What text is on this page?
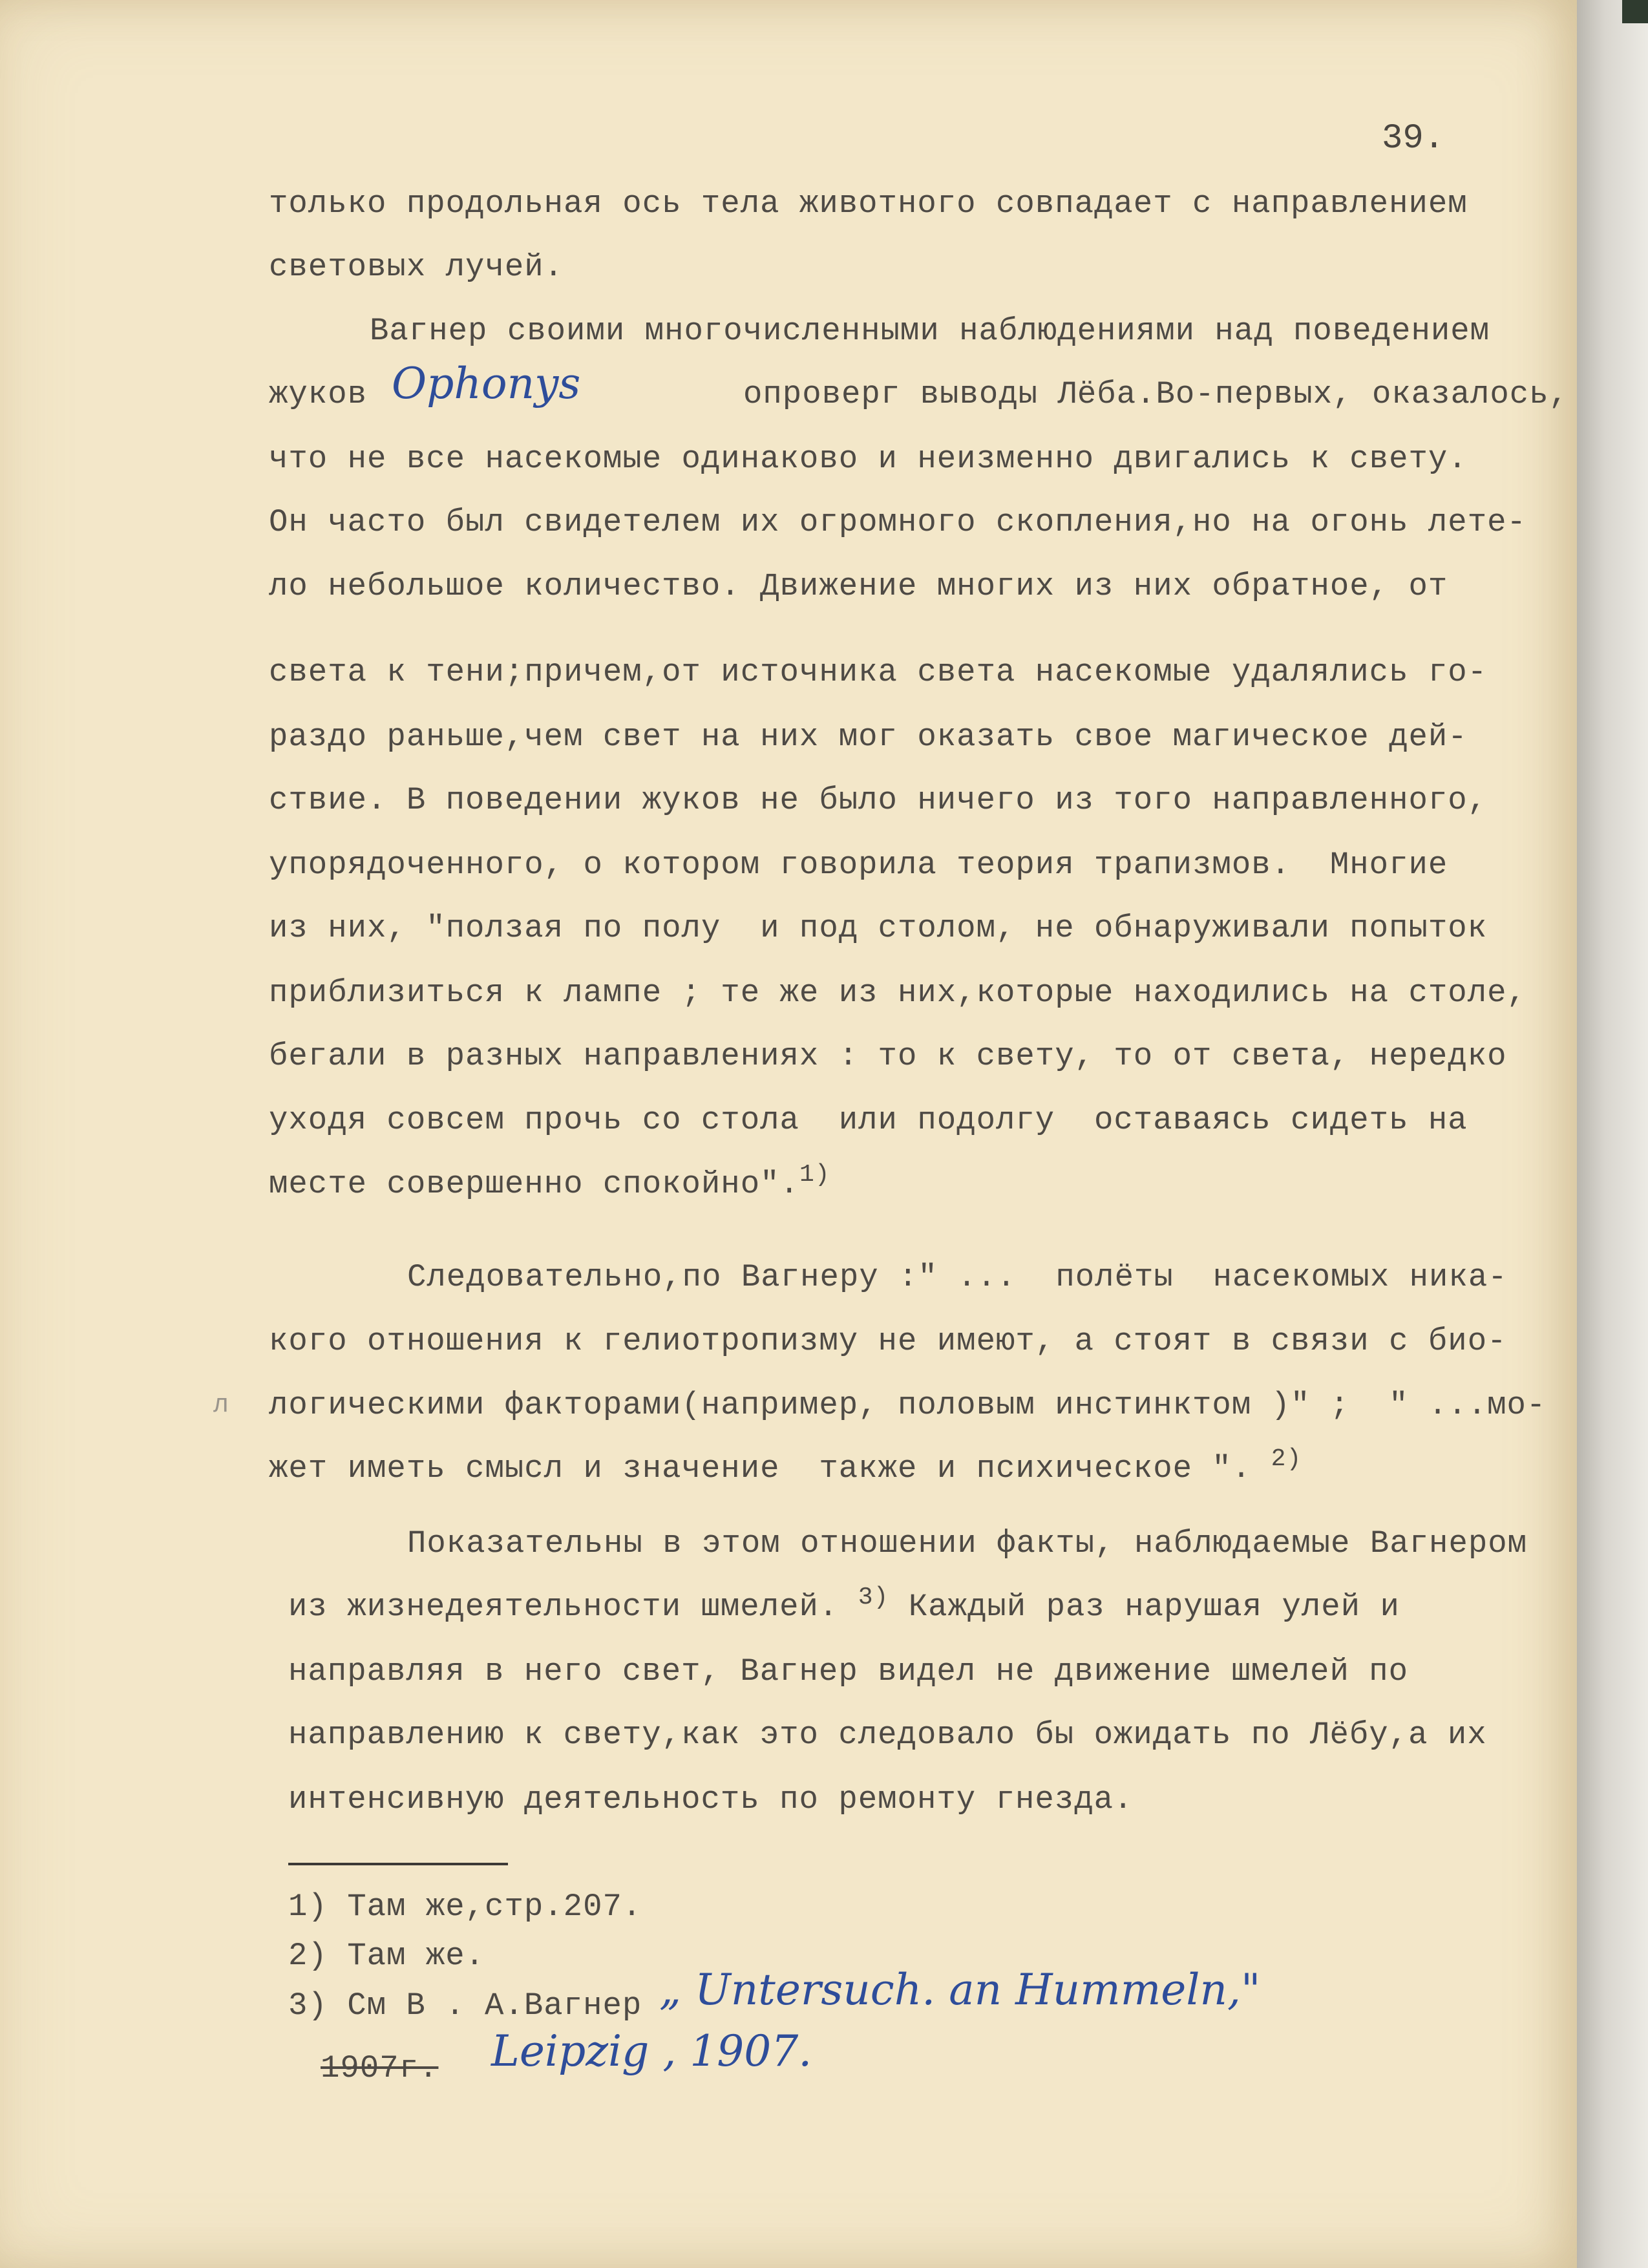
39.
только продольная ось тела животного совпадает с направлением
световых лучей.
Вагнер своими многочисленными наблюдениями над поведением
жуков Ophonys	опроверг выводы Лёба.Во-первых, оказалось,
что не все насекомые одинаково и неизменно двигались к свету.
Он часто был свидетелем их огромного скопления,но на огонь лете-
ло небольшое количество. Движение многих из них обратное, от
света к тени;причем,от источника света насекомые удалялись го-
раздо раньше,чем свет на них мог оказать свое магическое дей-
ствие. В поведении жуков не было ничего из того направленного,
упорядоченного, о котором говорила теория трапизмов.  Многие
из них, "ползая по полу  и под столом, не обнаруживали попыток
приблизиться к лампе ; те же из них,которые находились на столе,
бегали в разных направлениях : то к свету, то от света, нередко
уходя совсем прочь со стола  или подолгу  оставаясь сидеть на
месте совершенно спокойно".$^{1)}$
Следовательно,по Вагнеру :" ...  полёты  насекомых ника-
кого отношения к гелиотропизму не имеют, а стоят в связи с био-
л логическими факторами(например, половым инстинктом )" ;  " ...мо-
жет иметь смысл и значение  также и психическое ". $^{2)}$
Показательны в этом отношении факты, наблюдаемые Вагнером
из жизнедеятельности шмелей. $^{3)}$ Каждый раз нарушая улей и
направляя в него свет, Вагнер видел не движение шмелей по
направлению к свету,как это следовало бы ожидать по Лёбу,а их
интенсивную деятельность по ремонту гнезда.
1) Там же,стр.207.
2) Там же.
3) См В . А.Вагнер „ Untersuch. an Hummeln,"
1907г. Leipzig , 1907.
